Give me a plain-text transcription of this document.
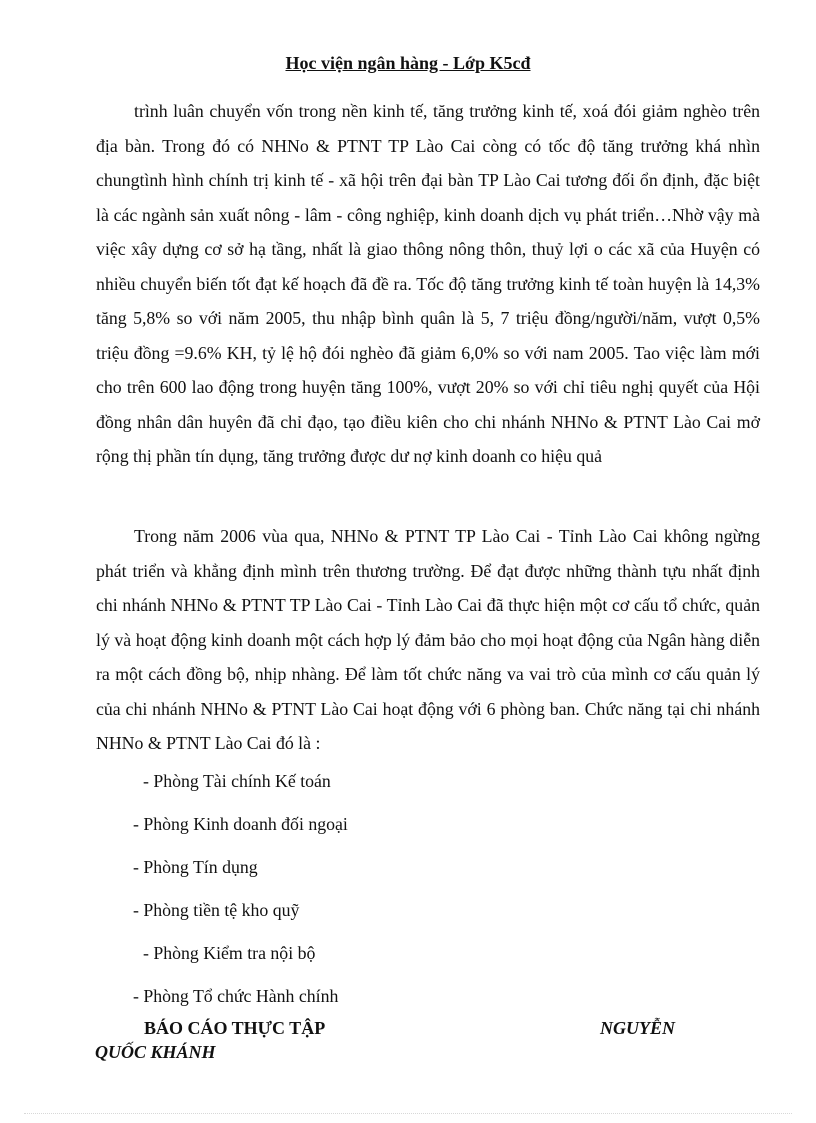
Học viện ngân hàng - Lớp K5cđ

trình luân chuyển vốn trong nền kinh tế, tăng trưởng kinh tế, xoá đói giảm nghèo trên địa bàn. Trong đó có NHNo & PTNT TP Lào Cai còng có tốc độ tăng trưởng khá nhìn chungtình hình chính trị kinh tế - xã hội trên đại bàn TP Lào Cai tương đối ổn định, đặc biệt là các ngành sản xuất nông - lâm - công nghiệp, kinh doanh dịch vụ phát triển…Nhờ vậy mà việc xây dựng cơ sở hạ tầng, nhất là giao thông nông thôn, thuỷ lợi o các xã của Huyện có nhiều chuyển biến tốt đạt kế hoạch đã đề ra. Tốc độ tăng trưởng kinh tế toàn huyện là 14,3% tăng 5,8% so với năm 2005, thu nhập bình quân là 5, 7 triệu đồng/người/năm, vượt 0,5% triệu đồng =9.6% KH, tỷ lệ hộ đói nghèo đã giảm 6,0% so với nam 2005. Tao việc làm mới cho trên 600 lao động trong huyện tăng 100%, vượt 20% so với chỉ tiêu nghị quyết của Hội đồng nhân dân huyên đã chỉ đạo, tạo điều kiên cho chi nhánh NHNo & PTNT Lào Cai mở rộng thị phần tín dụng, tăng trưởng được dư nợ kinh doanh co hiệu quả

Trong năm 2006 vùa qua, NHNo & PTNT TP Lào Cai - Tỉnh Lào Cai không ngừng phát triển và khẳng định mình trên thương trường. Để đạt được những thành tựu nhất định chi nhánh NHNo & PTNT TP Lào Cai - Tỉnh Lào Cai đã thực hiện một cơ cấu tổ chức, quản lý và hoạt động kinh doanh một cách hợp lý đảm bảo cho mọi hoạt động của Ngân hàng diễn ra một cách đồng bộ, nhịp nhàng. Để làm tốt chức năng va vai trò của mình cơ cấu quản lý của chi nhánh NHNo & PTNT Lào Cai hoạt động với 6 phòng ban. Chức năng tại chi nhánh NHNo & PTNT Lào Cai đó là :

- Phòng Tài chính Kế toán
- Phòng Kinh doanh đối ngoại
- Phòng Tín dụng
- Phòng tiền tệ kho quỹ
- Phòng Kiểm tra nội bộ
- Phòng Tổ chức Hành chính
BÁO CÁO THỰC TẬP	NGUYỄN
QUỐC KHÁNH
